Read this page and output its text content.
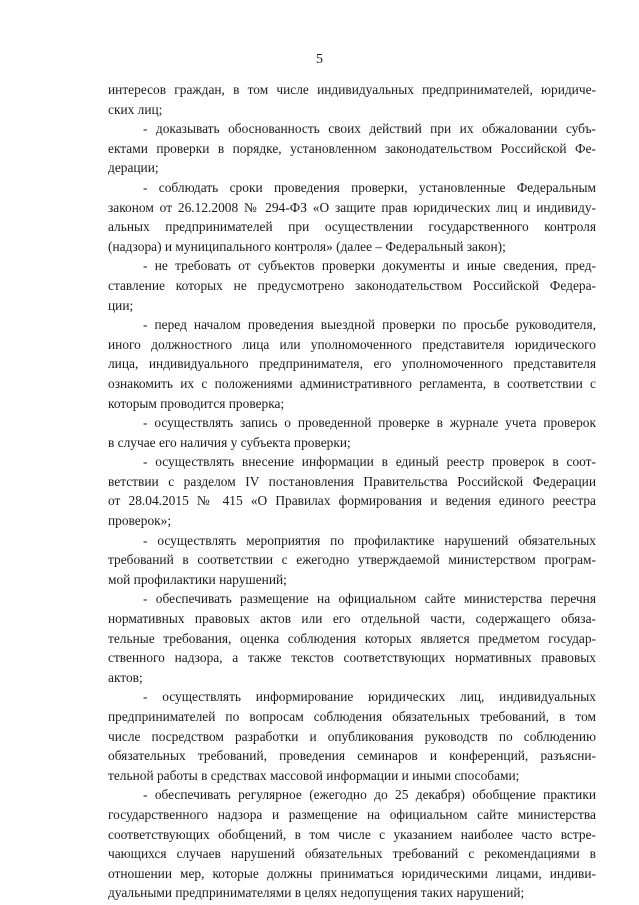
5
интересов граждан, в том числе индивидуальных предпринимателей, юридиче-
ских лиц;
- доказывать обоснованность своих действий при их обжаловании субъ-
ектами проверки в порядке, установленном законодательством Российской Фе-
дерации;
- соблюдать сроки проведения проверки, установленные Федеральным
законом от 26.12.2008 № 294-ФЗ «О защите прав юридических лиц и индивиду-
альных предпринимателей при осуществлении государственного контроля
(надзора) и муниципального контроля» (далее – Федеральный закон);
- не требовать от субъектов проверки документы и иные сведения, пред-
ставление которых не предусмотрено законодательством Российской Федера-
ции;
- перед началом проведения выездной проверки по просьбе руководителя,
иного должностного лица или уполномоченного представителя юридического
лица, индивидуального предпринимателя, его уполномоченного представителя
ознакомить их с положениями административного регламента, в соответствии с
которым проводится проверка;
- осуществлять запись о проведенной проверке в журнале учета проверок
в случае его наличия у субъекта проверки;
- осуществлять внесение информации в единый реестр проверок в соот-
ветствии с разделом IV постановления Правительства Российской Федерации
от 28.04.2015 № 415 «О Правилах формирования и ведения единого реестра
проверок»;
- осуществлять мероприятия по профилактике нарушений обязательных
требований в соответствии с ежегодно утверждаемой министерством програм-
мой профилактики нарушений;
- обеспечивать размещение на официальном сайте министерства перечня
нормативных правовых актов или его отдельной части, содержащего обяза-
тельные требования, оценка соблюдения которых является предметом государ-
ственного надзора, а также текстов соответствующих нормативных правовых
актов;
- осуществлять информирование юридических лиц, индивидуальных
предпринимателей по вопросам соблюдения обязательных требований, в том
числе посредством разработки и опубликования руководств по соблюдению
обязательных требований, проведения семинаров и конференций, разъясни-
тельной работы в средствах массовой информации и иными способами;
- обеспечивать регулярное (ежегодно до 25 декабря) обобщение практики
государственного надзора и размещение на официальном сайте министерства
соответствующих обобщений, в том числе с указанием наиболее часто встре-
чающихся случаев нарушений обязательных требований с рекомендациями в
отношении мер, которые должны приниматься юридическими лицами, индиви-
дуальными предпринимателями в целях недопущения таких нарушений;
